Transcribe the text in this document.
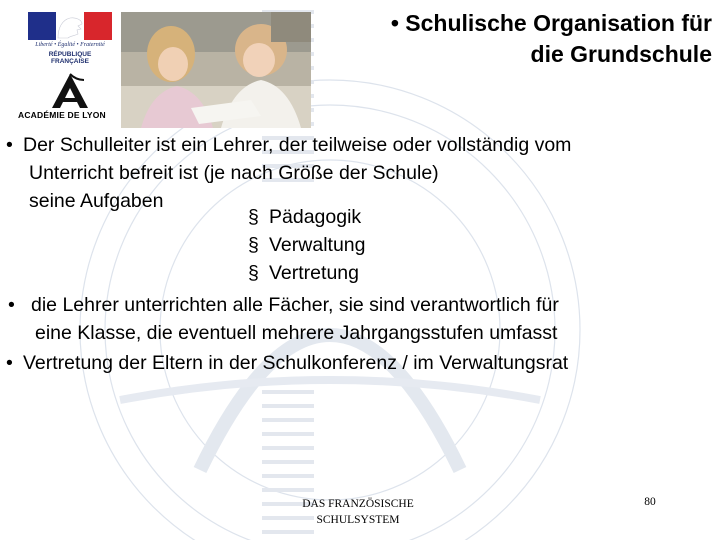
Liberté • Égalité • Fraternité
RÉPUBLIQUE
FRANÇAISE
ACADÉMIE DE LYON
• Schulische Organisation für
die Grundschule
• Der Schulleiter ist ein Lehrer, der teilweise oder vollständig vom
Unterricht befreit ist (je nach Größe der Schule)
seine Aufgaben
§ Pädagogik
§ Verwaltung
§ Vertretung
• die Lehrer unterrichten alle Fächer, sie sind verantwortlich für
eine Klasse, die eventuell mehrere Jahrgangsstufen umfasst
• Vertretung der Eltern in der Schulkonferenz / im Verwaltungsrat
DAS FRANZÖSISCHE
SCHULSYSTEM
80
